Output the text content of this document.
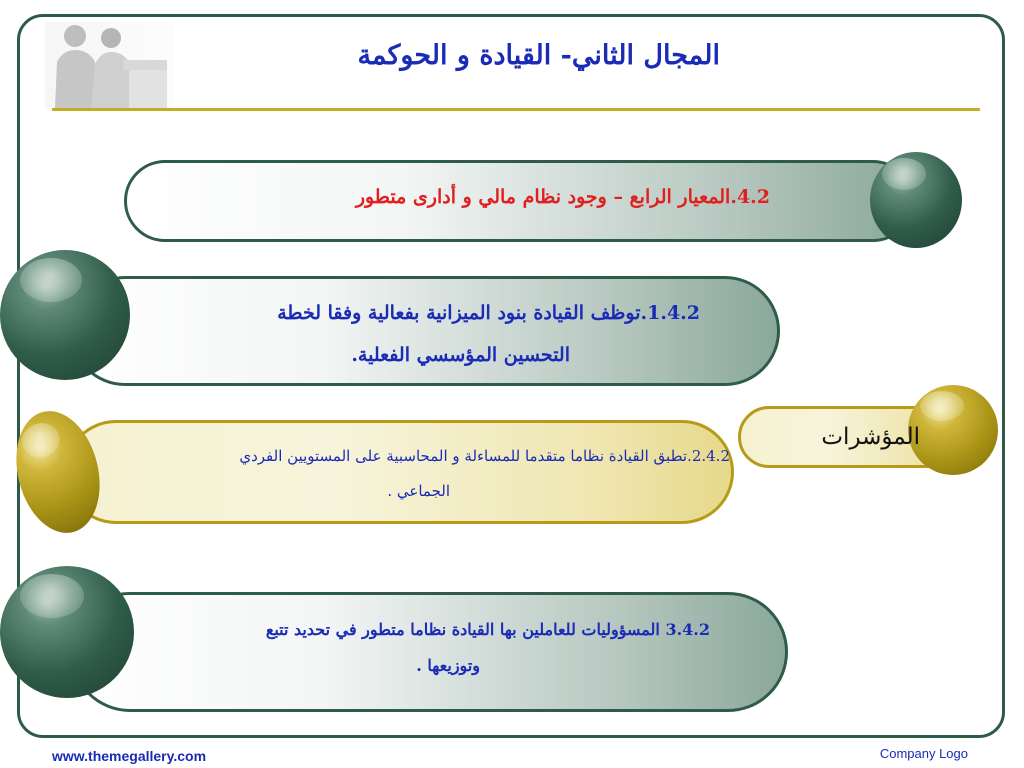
المجال الثاني- القيادة و الحوكمة
4.2.المعيار الرابع – وجود نظام مالي و أدارى متطور
1.4.2.توظف القيادة بنود الميزانية بفعالية وفقا لخطة
التحسين المؤسسي الفعلية.
المؤشرات
2.4.2.تطبق القيادة نظاما متقدما للمساءلة و المحاسبية على المستويين الفردي
الجماعي .
3.4.2 المسؤوليات للعاملين بها القيادة نظاما متطور في تحديد تتبع
وتوزيعها .
www.themegallery.com	Company Logo
